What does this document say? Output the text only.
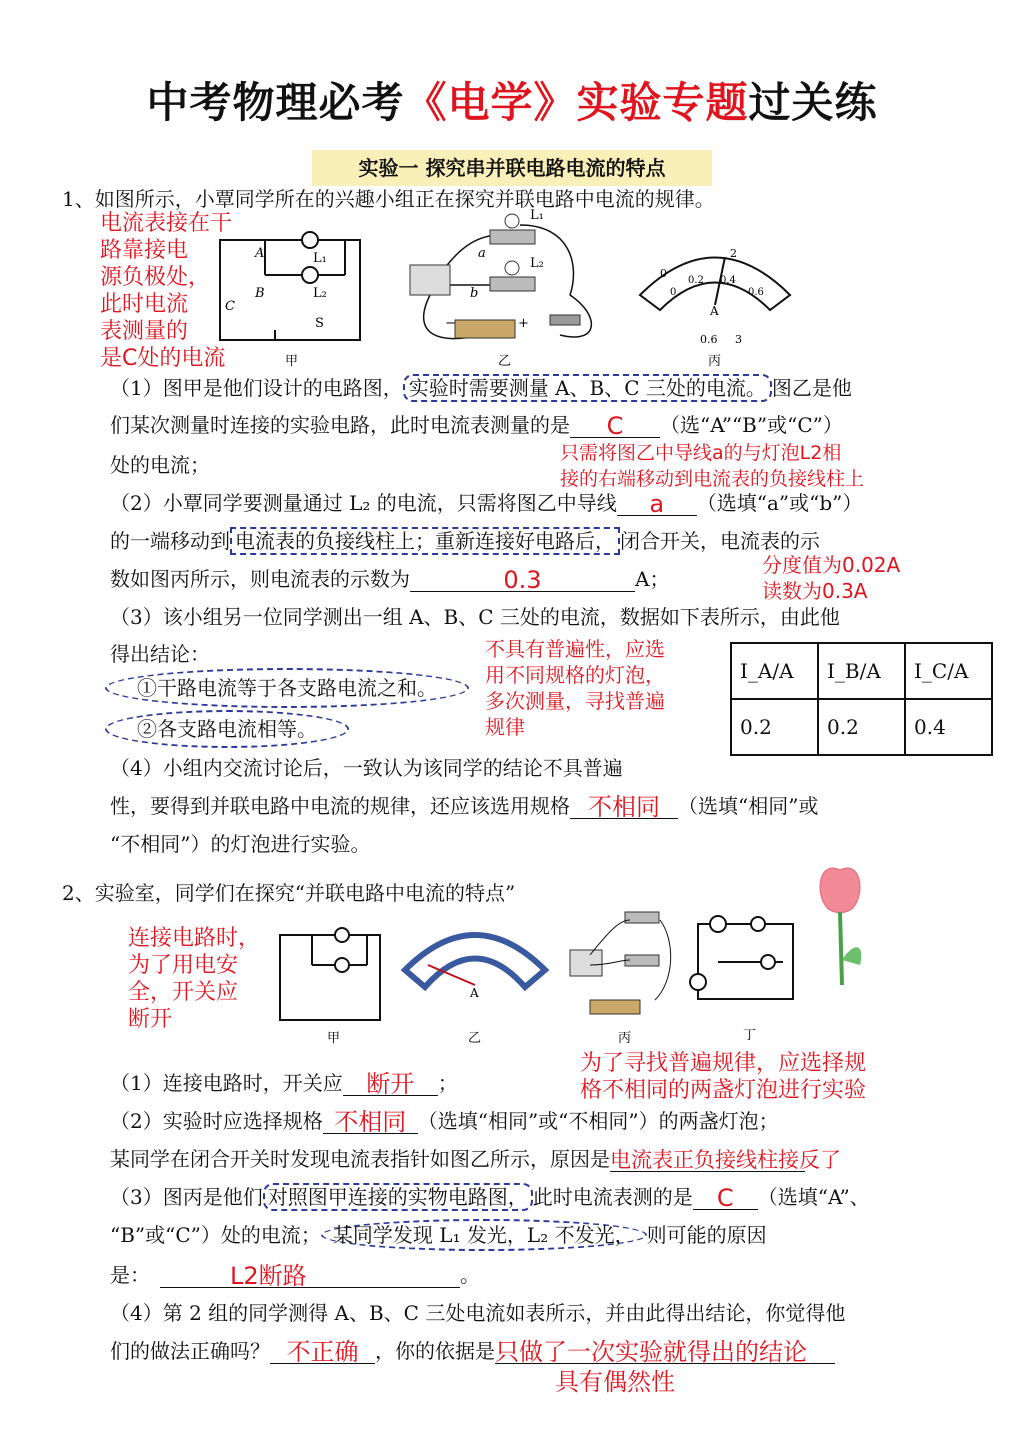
中考物理必考《电学》实验专题过关练
实验一 探究串并联电路电流的特点
1、如图所示，小覃同学所在的兴趣小组正在探究并联电路中电流的规律。
电流表接在干
路靠接电
源负极处，
此时电流
表测量的
是C处的电流
A
B
C
L₁
L₂
S
甲
L₁
L₂
a
b
−	+
乙
0
2
0
0.2 0.4
0.6
A
0.6 3
丙
（1）图甲是他们设计的电路图， 实验时需要测量 A、B、C 三处的电流。 图乙是他
们某次测量时连接的实验电路，此时电流表测量的是 C （选“A”“B”或“C”）
处的电流；	只需将图乙中导线a的与灯泡L2相
接的右端移动到电流表的负接线柱上
（2）小覃同学要测量通过 L₂ 的电流，只需将图乙中导线 a （选填“a”或“b”）
的一端移动到 电流表的负接线柱上；重新连接好电路后， 闭合开关，电流表的示
数如图丙所示，则电流表的示数为	0.3	A；
分度值为0.02A
读数为0.3A
（3）该小组另一位同学测出一组 A、B、C 三处的电流，数据如下表所示，由此他
得出结论：
①干路电流等于各支路电流之和。
②各支路电流相等。
不具有普遍性，应选
用不同规格的灯泡，
多次测量，寻找普遍
规律
I_A/A	I_B/A	I_C/A
0.2	0.2	0.4
（4）小组内交流讨论后，一致认为该同学的结论不具普遍
性，要得到并联电路中电流的规律，还应该选用规格 不相同 （选填“相同”或
“不相同”）的灯泡进行实验。
2、实验室，同学们在探究“并联电路中电流的特点”
连接电路时，
为了用电安
全，开关应
断开
甲
A
乙	丙	丁
为了寻找普遍规律，应选择规
格不相同的两盏灯泡进行实验
（1）连接电路时，开关应 断开 ；
（2）实验时应选择规格 不相同 （选填“相同”或“不相同”）的两盏灯泡；
某同学在闭合开关时发现电流表指针如图乙所示，原因是电流表正负接线柱接反了
（3）图丙是他们 对照图甲连接的实物电路图， 此时电流表测的是 C （选填“A”、
“B”或“C”）处的电流； 某同学发现 L₁ 发光，L₂ 不发光， 则可能的原因
是：	L2断路	。
（4）第 2 组的同学测得 A、B、C 三处电流如表所示，并由此得出结论，你觉得他
们的做法正确吗？ 不正确 ，你的依据是只做了一次实验就得出的结论
具有偶然性
